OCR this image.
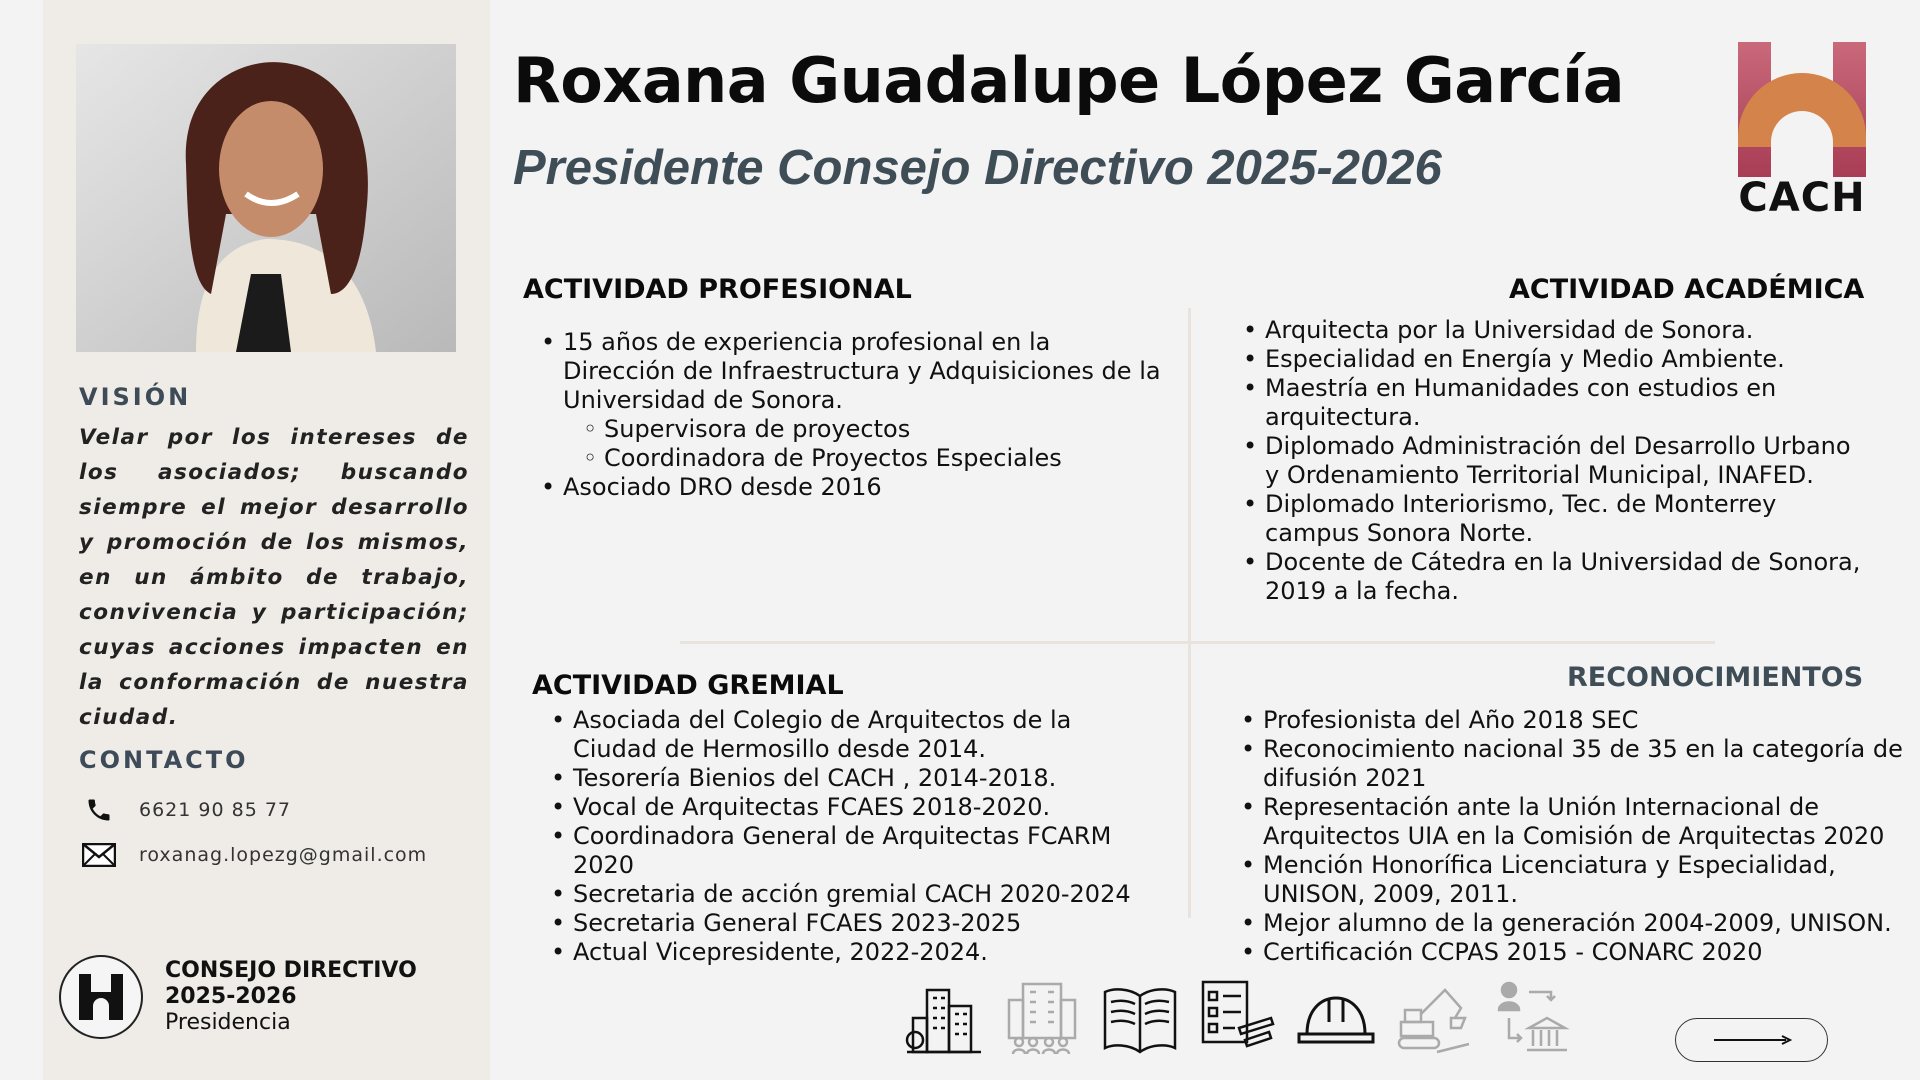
VISIÓN
Velar por los intereses de los asociados; buscando siempre el mejor desarrollo y promoción de los mismos, en un ámbito de trabajo, convivencia y participación; cuyas acciones impacten en la conformación de nuestra ciudad.
CONTACTO
6621 90 85 77
roxanag.lopezg@gmail.com
CONSEJO DIRECTIVO
2025-2026
Presidencia
Roxana Guadalupe López García
Presidente Consejo Directivo 2025-2026
CACH
ACTIVIDAD PROFESIONAL
• 15 años de experiencia profesional en la
Dirección de Infraestructura y Adquisiciones de la
Universidad de Sonora.
◦ Supervisora de proyectos
◦ Coordinadora de Proyectos Especiales
• Asociado DRO desde 2016
ACTIVIDAD ACADÉMICA
• Arquitecta por la Universidad de Sonora.
• Especialidad en Energía y Medio Ambiente.
• Maestría en Humanidades con estudios en
arquitectura.
• Diplomado Administración del Desarrollo Urbano
y Ordenamiento Territorial Municipal, INAFED.
• Diplomado Interiorismo, Tec. de Monterrey
campus Sonora Norte.
• Docente de Cátedra en la Universidad de Sonora,
2019 a la fecha.
ACTIVIDAD GREMIAL
• Asociada del Colegio de Arquitectos de la
Ciudad de Hermosillo desde 2014.
• Tesorería Bienios del CACH , 2014-2018.
• Vocal de Arquitectas FCAES 2018-2020.
• Coordinadora General de Arquitectas FCARM
2020
• Secretaria de acción gremial CACH 2020-2024
• Secretaria General FCAES 2023-2025
• Actual Vicepresidente, 2022-2024.
RECONOCIMIENTOS
• Profesionista del Año 2018 SEC
• Reconocimiento nacional 35 de 35 en la categoría de
difusión 2021
• Representación ante la Unión Internacional de
Arquitectos UIA en la Comisión de Arquitectas 2020
• Mención Honorífica Licenciatura y Especialidad,
UNISON, 2009, 2011.
• Mejor alumno de la generación 2004-2009, UNISON.
• Certificación CCPAS 2015 - CONARC 2020
